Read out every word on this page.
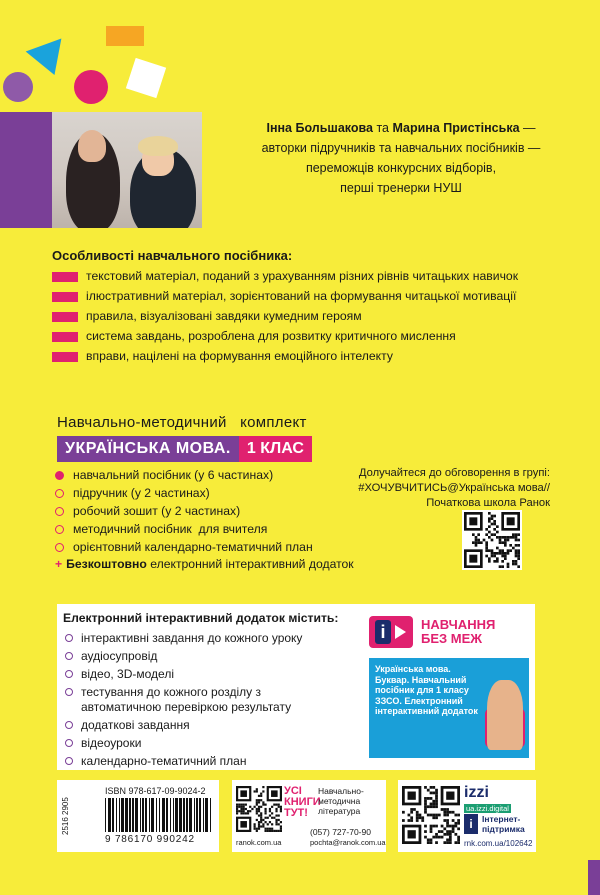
Інна Большакова та Марина Пристінська —
авторки підручників та навчальних посібників —
переможців конкурсних відборів,
перші тренерки НУШ
Особливості навчального посібника:
текстовий матеріал, поданий з урахуванням різних рівнів читацьких навичок
ілюстративний матеріал, зорієнтований на формування читацької мотивації
правила, візуалізовані завдяки кумедним героям
система завдань, розроблена для розвитку критичного мислення
вправи, націлені на формування емоційного інтелекту
Навчально-методичний   комплект
УКРАЇНСЬКА МОВА.	1 КЛАС
навчальний посібник (у 6 частинах)
підручник (у 2 частинах)
робочий зошит (у 2 частинах)
методичний посібник  для вчителя
орієнтовний календарно-тематичний план
+ Безкоштовно електронний інтерактивний додаток
Долучайтеся до обговорення в групі:
#ХОЧУВЧИТИСЬ@Українська мова//
Початкова школа Ранок
Електронний інтерактивний додаток містить:
інтерактивні завдання до кожного уроку
аудіосупровід
відео, 3D-моделі
тестування до кожного розділу з автоматичною перевіркою результату
додаткові завдання
відеоуроки
календарно-тематичний план
i	НАВЧАННЯ
БЕЗ МЕЖ
Українська мова. Буквар. Навчальний посібник для 1 класу ЗЗСО. Електронний інтерактивний додаток
2516 2905
ISBN 978-617-09-9024-2
9 786170 990242	ranok.com.ua
УСІ
КНИГИ
ТУТ!
Навчально-
методична
література
(057) 727-70-90
pochta@ranok.com.ua
izzi
ua.izzi.digital
i	Інтернет-
підтримка
rnk.com.ua/102642
